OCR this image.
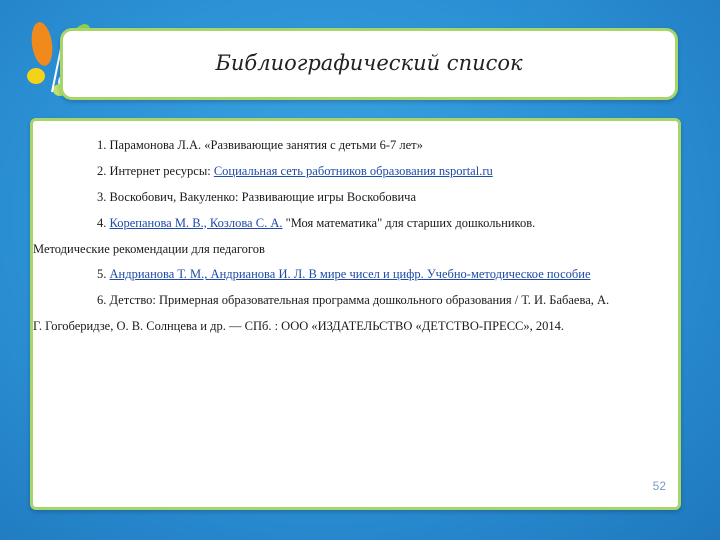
Библиографический список
1. Парамонова Л.А. «Развивающие занятия с детьми 6-7 лет»
2. Интернет ресурсы: Социальная сеть работников образования nsportal.ru
3. Воскобович, Вакуленко: Развивающие игры Воскобовича
4. Корепанова М. В., Козлова С. А. "Моя математика" для старших дошкольников.
Методические рекомендации для педагогов
5. Андрианова Т. М., Андрианова И. Л. В мире чисел и цифр. Учебно-методическое пособие
6. Детство: Примерная образовательная программа дошкольного образования / Т. И. Бабаева, А.
Г. Гогоберидзе, О. В. Солнцева и др. — СПб. : ООО «ИЗДАТЕЛЬСТВО «ДЕТСТВО-ПРЕСС», 2014.
52
